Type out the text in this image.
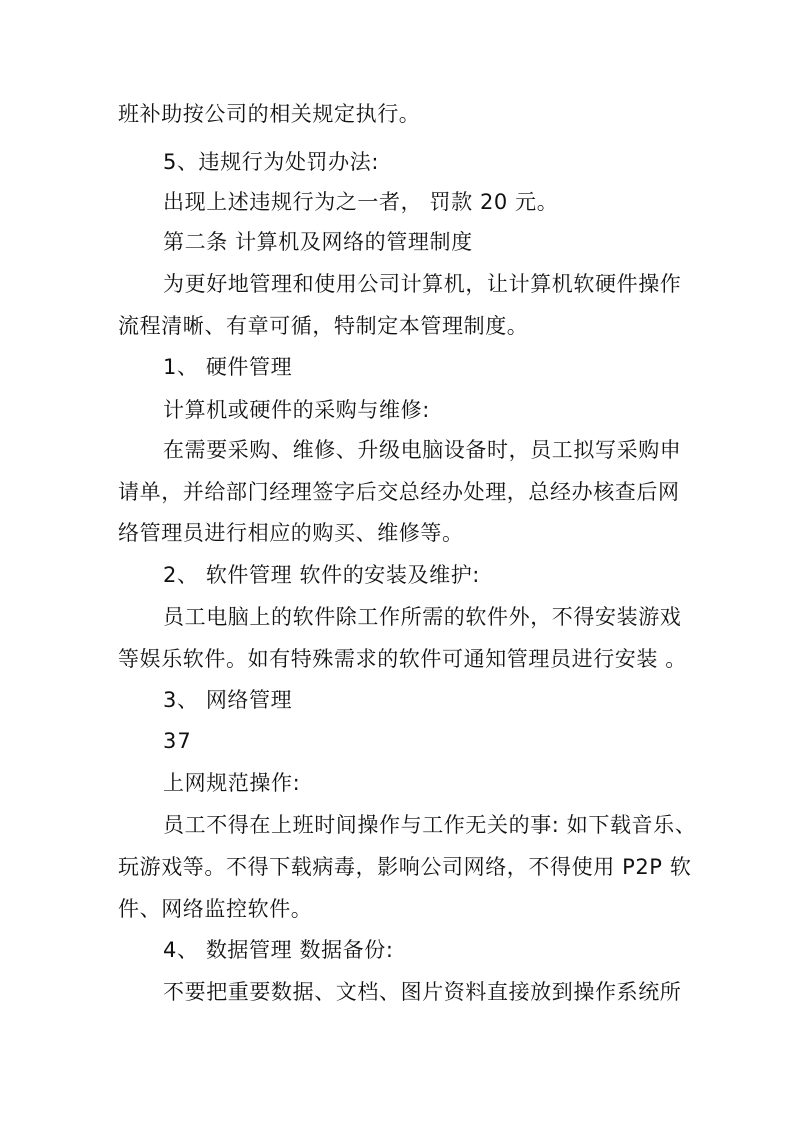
班补助按公司的相关规定执行。
5、违规行为处罚办法:
出现上述违规行为之一者， 罚款 20 元。
第二条 计算机及网络的管理制度
为更好地管理和使用公司计算机，让计算机软硬件操作
流程清晰、有章可循，特制定本管理制度。
1、 硬件管理
计算机或硬件的采购与维修:
在需要采购、维修、升级电脑设备时，员工拟写采购申
请单，并给部门经理签字后交总经办处理，总经办核查后网
络管理员进行相应的购买、维修等。
2、 软件管理 软件的安装及维护:
员工电脑上的软件除工作所需的软件外，不得安装游戏
等娱乐软件。如有特殊需求的软件可通知管理员进行安装 。
3、 网络管理
37
上网规范操作:
员工不得在上班时间操作与工作无关的事: 如下载音乐、
玩游戏等。不得下载病毒，影响公司网络，不得使用 P2P 软
件、网络监控软件。
4、 数据管理 数据备份:
不要把重要数据、文档、图片资料直接放到操作系统所
